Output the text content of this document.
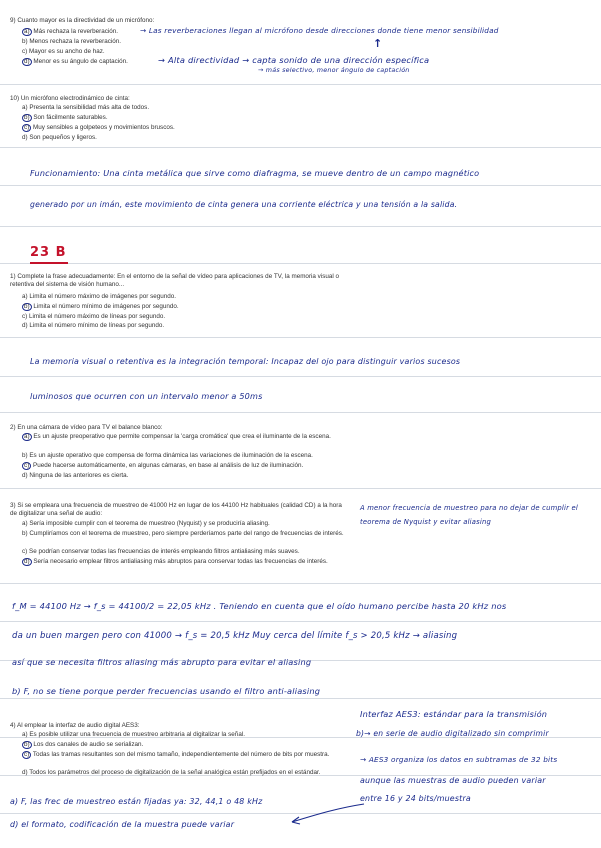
9) Cuanto mayor es la directividad de un micrófono:
a) Más rechaza la reverberación.
b) Menos rechaza la reverberación.
c) Mayor es su ancho de haz.
d) Menor es su ángulo de captación.
→ Las reverberaciones llegan al micrófono desde direcciones donde tiene menor sensibilidad
↑
→ Alta directividad → capta sonido de una dirección específica
→ más selectivo, menor ángulo de captación
10) Un micrófono electrodinámico de cinta:
a) Presenta la sensibilidad más alta de todos.
b) Son fácilmente saturables.
c) Muy sensibles a golpeteos y movimientos bruscos.
d) Son pequeños y ligeros.
Funcionamiento: Una cinta metálica que sirve como diafragma, se mueve dentro de un campo magnético
generado por un imán, este movimiento de cinta genera una corriente eléctrica y una tensión a la salida.
23 B
1) Complete la frase adecuadamente: En el entorno de la señal de vídeo para aplicaciones de TV, la memoria visual o retentiva del sistema de visión humano...
a) Limita el número máximo de imágenes por segundo.
b) Limita el número mínimo de imágenes por segundo.
c) Limita el número máximo de líneas por segundo.
d) Limita el número mínimo de líneas por segundo.
La memoria visual o retentiva es la integración temporal: Incapaz del ojo para distinguir varios sucesos
luminosos que ocurren con un intervalo menor a 50ms
2) En una cámara de vídeo para TV el balance blanco:
a) Es un ajuste preoperativo que permite compensar la 'carga cromática' que crea el iluminante de la escena.
b) Es un ajuste operativo que compensa de forma dinámica las variaciones de iluminación de la escena.
c) Puede hacerse automáticamente, en algunas cámaras, en base al análisis de luz de iluminación.
d) Ninguna de las anteriores es cierta.
3) Si se empleara una frecuencia de muestreo de 41000 Hz en lugar de los 44100 Hz habituales (calidad CD) a la hora de digitalizar una señal de audio:
a) Sería imposible cumplir con el teorema de muestreo (Nyquist) y se produciría aliasing.
b) Cumpliríamos con el teorema de muestreo, pero siempre perderíamos parte del rango de frecuencias de interés.
c) Se podrían conservar todas las frecuencias de interés empleando filtros antialiasing más suaves.
d) Sería necesario emplear filtros antialiasing más abruptos para conservar todas las frecuencias de interés.
A menor frecuencia de muestreo para no dejar de cumplir el teorema de Nyquist y evitar aliasing
f_M = 44100 Hz → f_s = 44100/2 = 22,05 kHz . Teniendo en cuenta que el oído humano percibe hasta 20 kHz nos
da un buen margen pero con 41000 → f_s = 20,5 kHz Muy cerca del límite f_s > 20,5 kHz → aliasing
así que se necesita filtros aliasing más abrupto para evitar el aliasing
b) F, no se tiene porque perder frecuencias usando el filtro anti-aliasing
4) Al emplear la interfaz de audio digital AES3:
a) Es posible utilizar una frecuencia de muestreo arbitraria al digitalizar la señal.
b) Los dos canales de audio se serializan.
c) Todas las tramas resultantes son del mismo tamaño, independientemente del número de bits por muestra.
d) Todos los parámetros del proceso de digitalización de la señal analógica están prefijados en el estándar.
Interfaz AES3: estándar para la transmisión
b)→ en serie de audio digitalizado sin comprimir
→ AES3 organiza los datos en subtramas de 32 bits
aunque las muestras de audio pueden variar
entre 16 y 24 bits/muestra
a) F, las frec de muestreo están fijadas ya: 32, 44,1 o 48 kHz
d) el formato, codificación de la muestra puede variar
